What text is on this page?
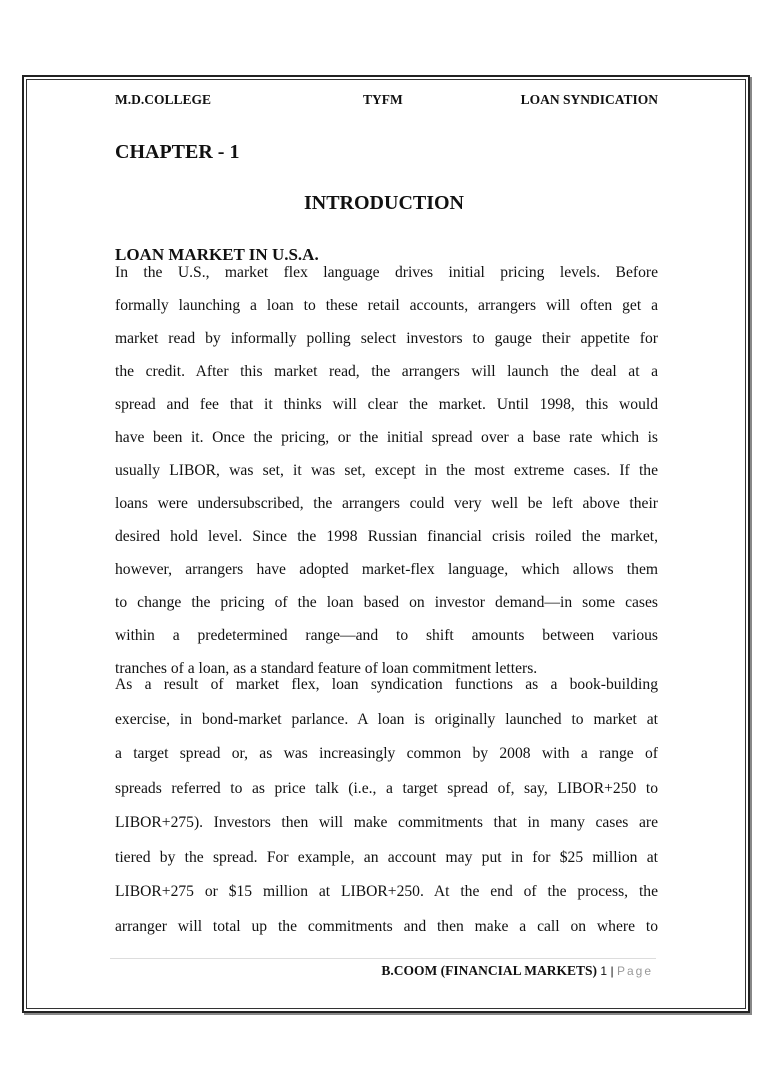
M.D.COLLEGE	TYFM	LOAN SYNDICATION
CHAPTER - 1
INTRODUCTION
LOAN MARKET IN U.S.A.
In the U.S., market flex language drives initial pricing levels. Before
formally launching a loan to these retail accounts, arrangers will often get a
market read by informally polling select investors to gauge their appetite for
the credit. After this market read, the arrangers will launch the deal at a
spread and fee that it thinks will clear the market. Until 1998, this would
have been it. Once the pricing, or the initial spread over a base rate which is
usually LIBOR, was set, it was set, except in the most extreme cases. If the
loans were undersubscribed, the arrangers could very well be left above their
desired hold level. Since the 1998 Russian financial crisis roiled the market,
however, arrangers have adopted market-flex language, which allows them
to change the pricing of the loan based on investor demand—in some cases
within a predetermined range—and to shift amounts between various
tranches of a loan, as a standard feature of loan commitment letters.
As a result of market flex, loan syndication functions as a book-building
exercise, in bond-market parlance. A loan is originally launched to market at
a target spread or, as was increasingly common by 2008 with a range of
spreads referred to as price talk (i.e., a target spread of, say, LIBOR+250 to
LIBOR+275). Investors then will make commitments that in many cases are
tiered by the spread. For example, an account may put in for $25 million at
LIBOR+275 or $15 million at LIBOR+250. At the end of the process, the
arranger will total up the commitments and then make a call on where to
B.COOM (FINANCIAL MARKETS) 1 | Page
